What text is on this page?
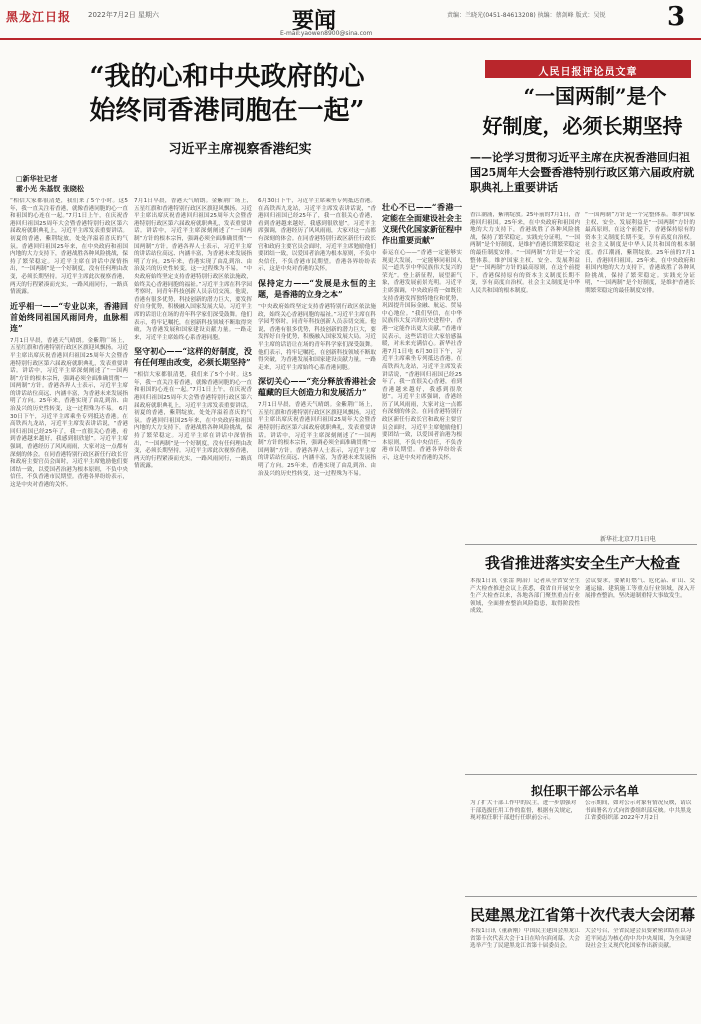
黑龙江日报 2022年7月2日 星期六	要闻
E-mail:yaowen8900@sina.com
责编：兰晓光(0451-84613208) 执编：蔡剑峰 版式：吴锐 3
“我的心和中央政府的心
始终同香港同胞在一起”
习近平主席视察香港纪实
□新华社记者
霍小光 朱基钗 张晓松
“相信大家都很清楚，我们来了5个小时。这5年，我一直关注着香港，就像香港同胞的心一直和祖国的心连在一起。”7月1日上午，在庆祝香港回归祖国25周年大会暨香港特别行政区第六届政府就职典礼上，习近平主席发表重要讲话。初夏的香港，紫荆绽放，处处洋溢着喜庆的气氛。香港回归祖国25年来，在中央政府和祖国内地的大力支持下，香港战胜各种风险挑战，保持了繁荣稳定。习近平主席在讲话中深情指出，“一国两制”是一个好制度，没有任何理由改变，必须长期坚持。习近平主席此次视察香港，两天的行程紧凑而充实，一路风雨同行，一路真情流露。
近乎相一——“专业以来，香港回首始终同祖国风雨同舟，血脉相连”
7月1日早晨，香港天气晴朗。金紫荆广场上，五星红旗和香港特别行政区区旗迎风飘扬。习近平主席出席庆祝香港回归祖国25周年大会暨香港特别行政区第六届政府就职典礼，发表重要讲话。讲话中，习近平主席深刻阐述了“一国两制”方针的根本宗旨，强调必须全面准确贯彻“一国两制”方针。香港各界人士表示，习近平主席的讲话站位高远、内涵丰富，为香港未来发展指明了方向。25年来，香港实现了由乱到治、由治及兴的历史性转变，这一过程殊为不易。 6月30日下午，习近平主席乘坐专列抵达香港。在高铁西九龙站，习近平主席发表讲话说，“香港回归祖国已经25年了，我一直很关心香港，看到香港越来越好，我感到很欣慰”。习近平主席强调，香港经历了风风雨雨，大家对这一点都有深刻的体会。在同香港特别行政区新任行政长官和政府主要官员会面时，习近平主席勉励他们要团结一致，以爱国者治港为根本原则，不负中央信任，不负香港市民期望。香港各界纷纷表示，这是中央对香港的关怀。
7月1日早晨，香港天气晴朗。金紫荆广场上，五星红旗和香港特别行政区区旗迎风飘扬。习近平主席出席庆祝香港回归祖国25周年大会暨香港特别行政区第六届政府就职典礼，发表重要讲话。讲话中，习近平主席深刻阐述了“一国两制”方针的根本宗旨，强调必须全面准确贯彻“一国两制”方针。香港各界人士表示，习近平主席的讲话站位高远、内涵丰富，为香港未来发展指明了方向。25年来，香港实现了由乱到治、由治及兴的历史性转变，这一过程殊为不易。 “中央政府始终坚定支持香港特别行政区依法施政，始终关心香港同胞的福祉。”习近平主席在科学园考察时，同青年科技创新人员亲切交流。他说，香港有很多优势，科技创新的潜力巨大，要发挥好自身优势，积极融入国家发展大局。习近平主席的话语让在场的青年科学家们深受鼓舞。他们表示，将牢记嘱托，在创新科技领域不断取得突破，为香港发展和国家建设贡献力量。一路走来，习近平主席始终心系香港同胞。
坚守初心——“这样的好制度，没有任何理由改变，必须长期坚持”
“相信大家都很清楚，我们来了5个小时。这5年，我一直关注着香港，就像香港同胞的心一直和祖国的心连在一起。”7月1日上午，在庆祝香港回归祖国25周年大会暨香港特别行政区第六届政府就职典礼上，习近平主席发表重要讲话。初夏的香港，紫荆绽放，处处洋溢着喜庆的气氛。香港回归祖国25年来，在中央政府和祖国内地的大力支持下，香港战胜各种风险挑战，保持了繁荣稳定。习近平主席在讲话中深情指出，“一国两制”是一个好制度，没有任何理由改变，必须长期坚持。习近平主席此次视察香港，两天的行程紧凑而充实，一路风雨同行，一路真情流露。
6月30日下午，习近平主席乘坐专列抵达香港。在高铁西九龙站，习近平主席发表讲话说，“香港回归祖国已经25年了，我一直很关心香港，看到香港越来越好，我感到很欣慰”。习近平主席强调，香港经历了风风雨雨，大家对这一点都有深刻的体会。在同香港特别行政区新任行政长官和政府主要官员会面时，习近平主席勉励他们要团结一致，以爱国者治港为根本原则，不负中央信任，不负香港市民期望。香港各界纷纷表示，这是中央对香港的关怀。
保持定力——“发展是永恒的主题，是香港的立身之本”
“中央政府始终坚定支持香港特别行政区依法施政，始终关心香港同胞的福祉。”习近平主席在科学园考察时，同青年科技创新人员亲切交流。他说，香港有很多优势，科技创新的潜力巨大，要发挥好自身优势，积极融入国家发展大局。习近平主席的话语让在场的青年科学家们深受鼓舞。他们表示，将牢记嘱托，在创新科技领域不断取得突破，为香港发展和国家建设贡献力量。一路走来，习近平主席始终心系香港同胞。
深切关心——“充分释放香港社会蕴藏的巨大创造力和发展活力”
7月1日早晨，香港天气晴朗。金紫荆广场上，五星红旗和香港特别行政区区旗迎风飘扬。习近平主席出席庆祝香港回归祖国25周年大会暨香港特别行政区第六届政府就职典礼，发表重要讲话。讲话中，习近平主席深刻阐述了“一国两制”方针的根本宗旨，强调必须全面准确贯彻“一国两制”方针。香港各界人士表示，习近平主席的讲话站位高远、内涵丰富，为香港未来发展指明了方向。25年来，香港实现了由乱到治、由治及兴的历史性转变，这一过程殊为不易。
壮心不已——“香港一定能在全面建设社会主义现代化国家新征程中作出重要贡献”
泰运在心——“香港一定能够实现更大发展，一定能够同祖国人民一道共享中华民族伟大复兴的荣光”。登上新征程，展望新气象，香港发展前景光明。习近平主席强调，中央政府将一如既往支持香港发挥独特地位和优势，巩固提升国际金融、航运、贸易中心地位。“我们坚信，在中华民族伟大复兴的历史进程中，香港一定能作出更大贡献。”香港市民表示，这些话语让大家倍感温暖，对未来充满信心。新华社香港7月1日电 6月30日下午，习近平主席乘坐专列抵达香港。在高铁西九龙站，习近平主席发表讲话说，“香港回归祖国已经25年了，我一直很关心香港，看到香港越来越好，我感到很欣慰”。习近平主席强调，香港经历了风风雨雨，大家对这一点都有深刻的体会。在同香港特别行政区新任行政长官和政府主要官员会面时，习近平主席勉励他们要团结一致，以爱国者治港为根本原则，不负中央信任，不负香港市民期望。香港各界纷纷表示，这是中央对香港的关怀。
人民日报评论员文章
“一国两制”是个
好制度，必须长期坚持
——论学习贯彻习近平主席在庆祝香港回归祖国25周年大会暨香港特别行政区第六届政府就职典礼上重要讲话
香江潮涌，紫荆绽放。25年前的7月1日，香港回归祖国。25年来，在中央政府和祖国内地的大力支持下，香港战胜了各种风险挑战，保持了繁荣稳定。实践充分证明，“一国两制”是个好制度，是维护香港长期繁荣稳定的最佳制度安排。“一国两制”方针是一个完整体系。维护国家主权、安全、发展利益是“一国两制”方针的最高原则，在这个前提下，香港保持原有的资本主义制度长期不变，享有高度自治权。社会主义制度是中华人民共和国的根本制度。
“一国两制”方针是一个完整体系。维护国家主权、安全、发展利益是“一国两制”方针的最高原则，在这个前提下，香港保持原有的资本主义制度长期不变，享有高度自治权。社会主义制度是中华人民共和国的根本制度。香江潮涌，紫荆绽放。25年前的7月1日，香港回归祖国。25年来，在中央政府和祖国内地的大力支持下，香港战胜了各种风险挑战，保持了繁荣稳定。实践充分证明，“一国两制”是个好制度，是维护香港长期繁荣稳定的最佳制度安排。
新华社北京7月1日电
我省推进落实安全生产大检查
本报1日讯（张雷 陶冶）记者从全省安全生产大检查推进会议上获悉，我省自开展安全生产大检查以来，各地各部门聚焦重点行业领域，全面排查整治风险隐患，取得阶段性成效。
会议要求，要紧盯燃气、危化品、矿山、交通运输、建筑施工等重点行业领域，深入开展排查整治，坚决遏制重特大事故发生。
拟任职干部公示名单
为了扩大干部工作中的民主，进一步加强对干部选拔任用工作的监督，根据有关规定，现对拟任职干部进行任职前公示。
公示期间，如对公示对象有情况反映，请以书面署名方式向省委组织部反映。中共黑龙江省委组织部 2022年7月2日
民建黑龙江省第十次代表大会闭幕
本报1日讯（董新刚）中国民主建国会黑龙江省第十次代表大会于1日在哈尔滨闭幕。大会选举产生了民建黑龙江省第十届委员会。
大会号召，全省民建会员要紧密团结在以习近平同志为核心的中共中央周围，为全面建设社会主义现代化国家作出新贡献。
